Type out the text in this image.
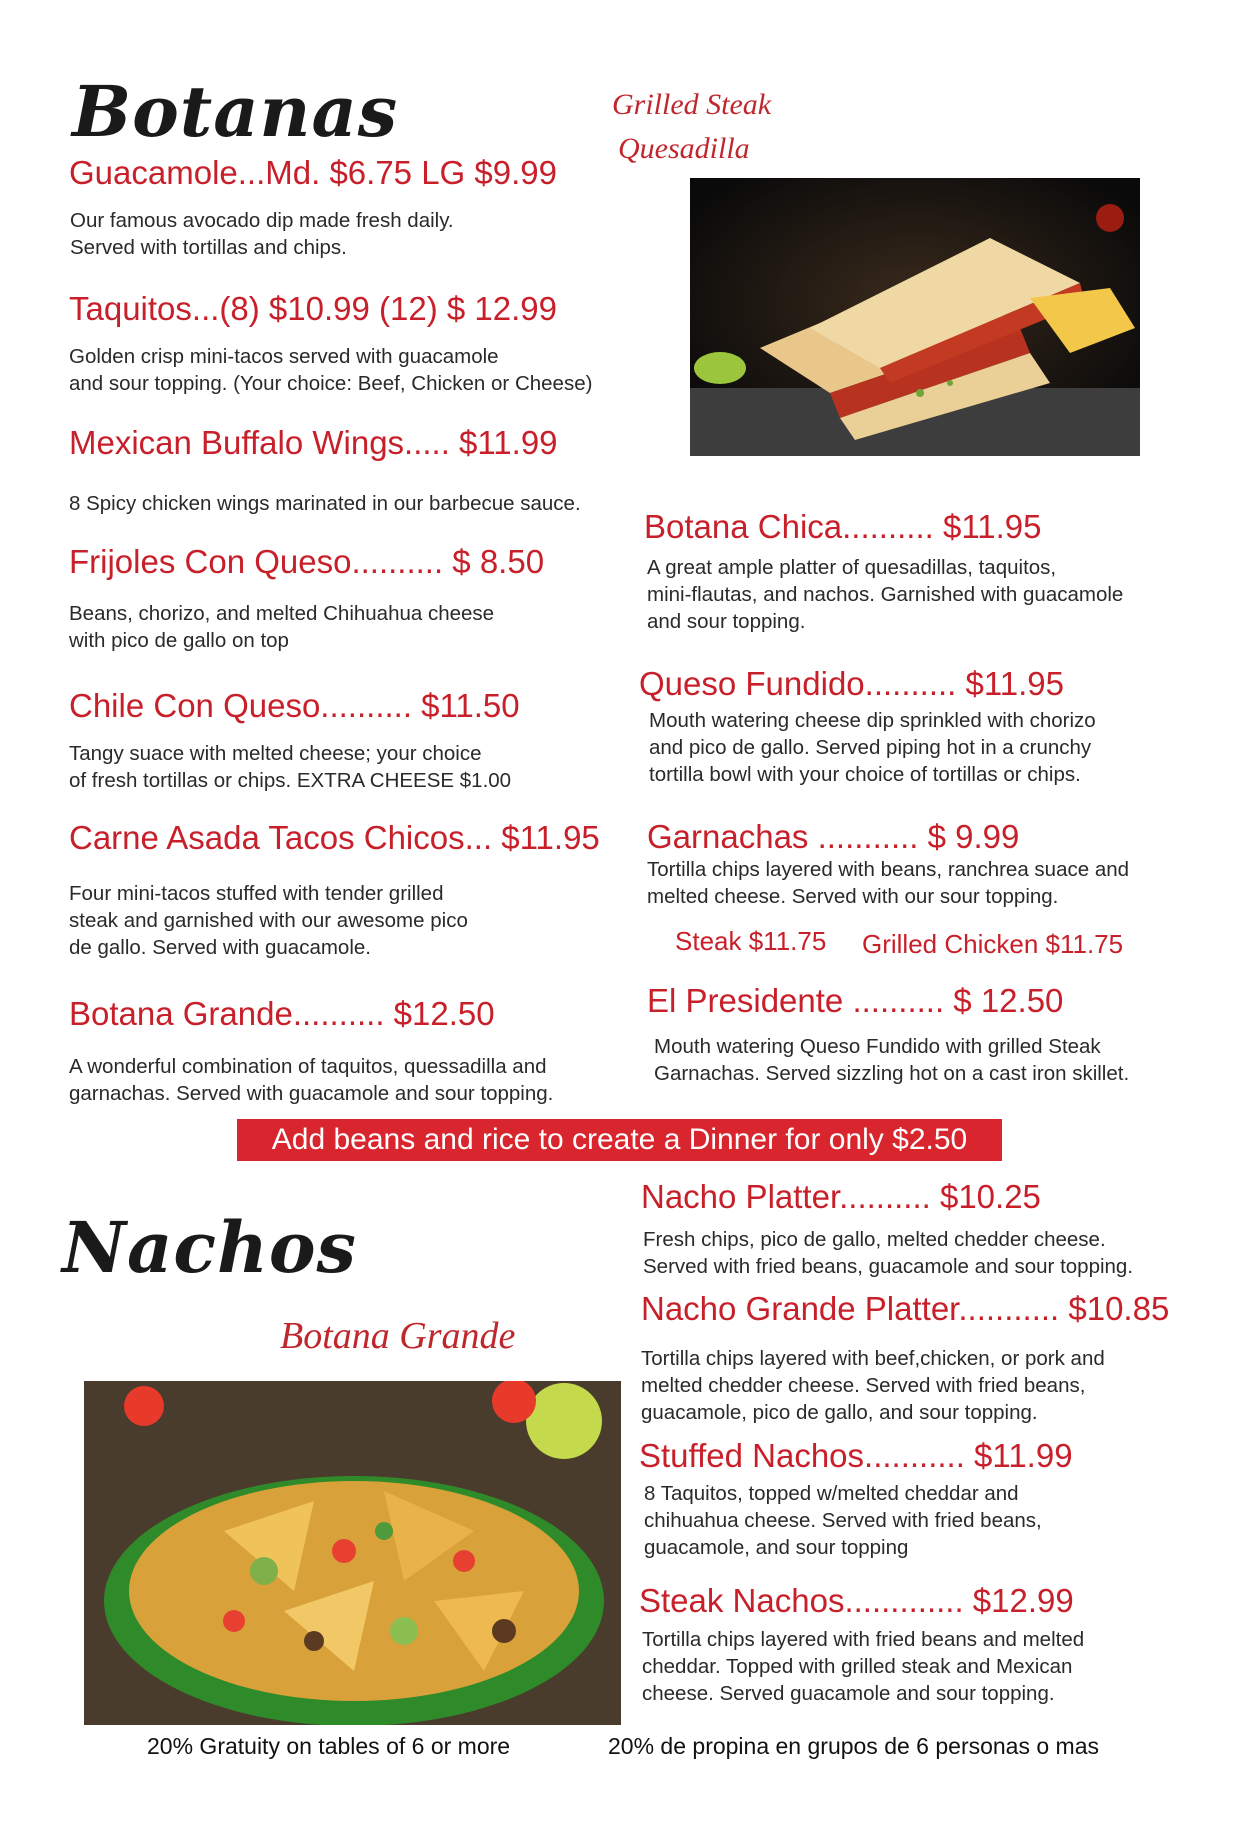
Botanas	Grilled Steak
Quesadilla
Guacamole...Md. $6.75 LG $9.99
Our famous avocado dip made fresh daily.
Served with tortillas and chips.
Taquitos...(8) $10.99 (12) $ 12.99
Golden crisp mini-tacos served with guacamole
and sour topping. (Your choice: Beef, Chicken or Cheese)
Mexican Buffalo Wings..... $11.99
8 Spicy chicken wings marinated in our barbecue sauce.
Frijoles Con Queso.......... $ 8.50
Beans, chorizo, and melted Chihuahua cheese
with pico de gallo on top
Chile Con Queso.......... $11.50
Tangy suace with melted cheese; your choice
of fresh tortillas or chips. EXTRA CHEESE $1.00
Carne Asada Tacos Chicos... $11.95
Four mini-tacos stuffed with tender grilled
steak and garnished with our awesome pico
de gallo. Served with guacamole.
Botana Grande.......... $12.50
A wonderful combination of taquitos, quessadilla and
garnachas. Served with guacamole and sour topping.
Botana Chica.......... $11.95
A great ample platter of quesadillas, taquitos,
mini-flautas, and nachos. Garnished with guacamole
and sour topping.
Queso Fundido.......... $11.95
Mouth watering cheese dip sprinkled with chorizo
and pico de gallo. Served piping hot in a crunchy
tortilla bowl with your choice of tortillas or chips.
Garnachas ........... $ 9.99
Tortilla chips layered with beans, ranchrea suace and
melted cheese. Served with our sour topping.
Steak $11.75 Grilled Chicken $11.75
El Presidente .......... $ 12.50
Mouth watering Queso Fundido with grilled Steak
Garnachas. Served sizzling hot on a cast iron skillet.
Add beans and rice to create a Dinner for only $2.50
Nachos
Botana Grande
Nacho Platter.......... $10.25
Fresh chips, pico de gallo, melted chedder cheese.
Served with fried beans, guacamole and sour topping.
Nacho Grande Platter........... $10.85
Tortilla chips layered with beef,chicken, or pork and
melted chedder cheese. Served with fried beans,
guacamole, pico de gallo, and sour topping.
Stuffed Nachos........... $11.99
8 Taquitos, topped w/melted cheddar and
chihuahua cheese. Served with fried beans,
guacamole, and sour topping
Steak Nachos............. $12.99
Tortilla chips layered with fried beans and melted
cheddar. Topped with grilled steak and Mexican
cheese. Served guacamole and sour topping.
20% Gratuity on tables of 6 or more	20% de propina en grupos de 6 personas o mas
